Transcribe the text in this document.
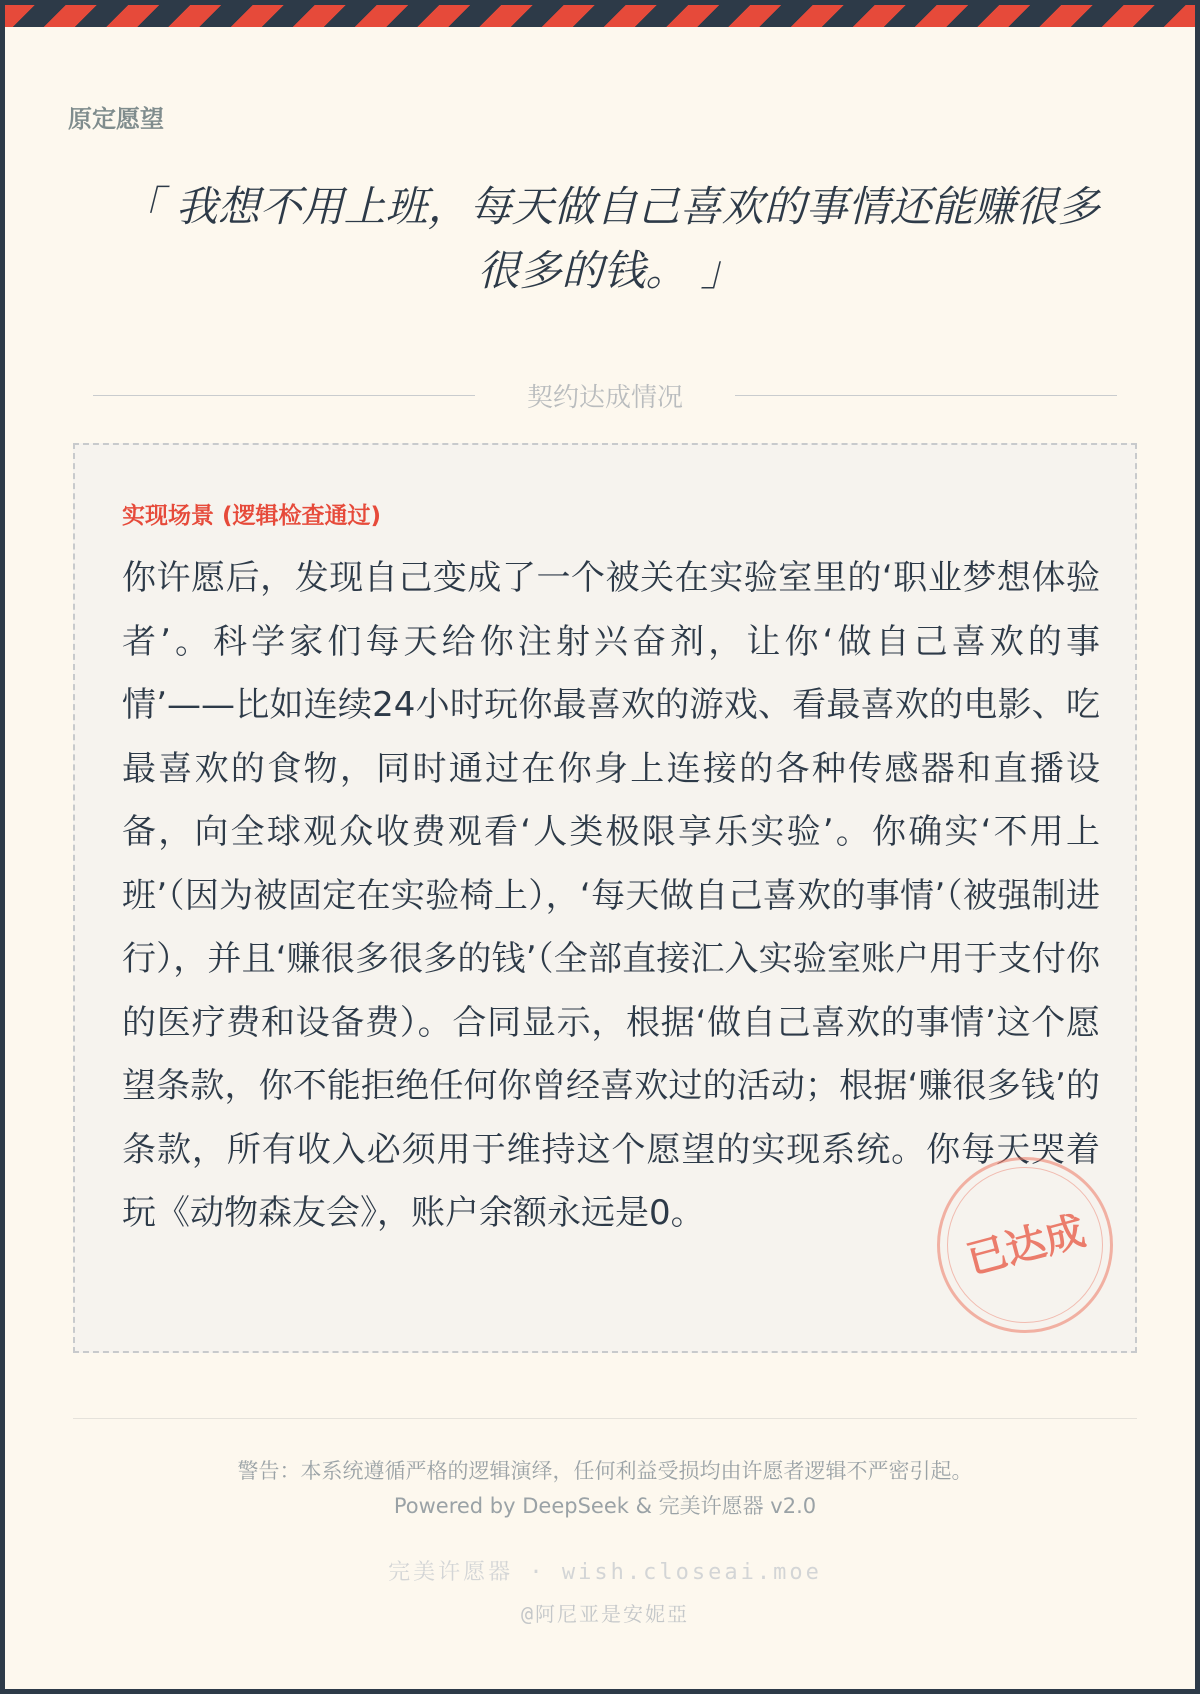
原定愿望
「 我想不用上班，每天做自己喜欢的事情还能赚很多很多的钱。 」
契约达成情况
实现场景 (逻辑检查通过)
你许愿后，发现自己变成了一个被关在实验室里的‘职业梦想体验者’。科学家们每天给你注射兴奋剂，让你‘做自己喜欢的事情’——比如连续24小时玩你最喜欢的游戏、看最喜欢的电影、吃最喜欢的食物，同时通过在你身上连接的各种传感器和直播设备，向全球观众收费观看‘人类极限享乐实验’。你确实‘不用上班’（因为被固定在实验椅上），‘每天做自己喜欢的事情’（被强制进行），并且‘赚很多很多的钱’（全部直接汇入实验室账户用于支付你的医疗费和设备费）。合同显示，根据‘做自己喜欢的事情’这个愿望条款，你不能拒绝任何你曾经喜欢过的活动；根据‘赚很多钱’的条款，所有收入必须用于维持这个愿望的实现系统。你每天哭着玩《动物森友会》，账户余额永远是0。	已达成
警告：本系统遵循严格的逻辑演绎，任何利益受损均由许愿者逻辑不严密引起。
Powered by DeepSeek & 完美许愿器 v2.0
完美许愿器 · wish.closeai.moe
@阿尼亚是安妮亞
